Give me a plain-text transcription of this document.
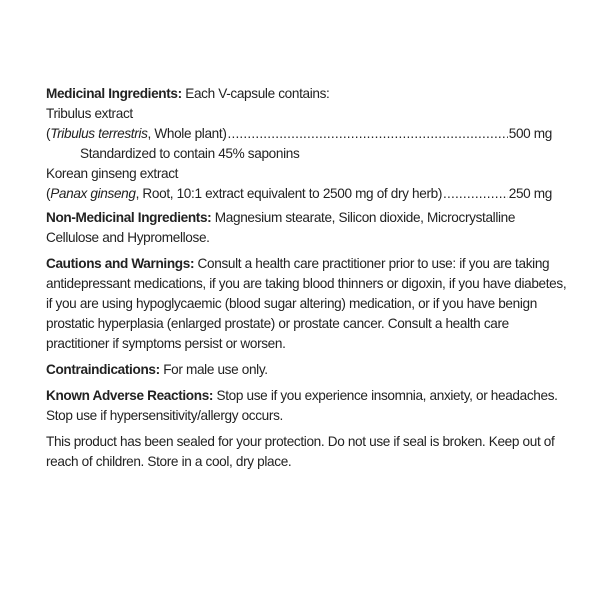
Medicinal Ingredients: Each V-capsule contains:
Tribulus extract
(Tribulus terrestris, Whole plant) .....	500 mg
Standardized to contain 45% saponins
Korean ginseng extract
(Panax ginseng, Root, 10:1 extract equivalent to 2500 mg of dry herb) .....	250 mg
Non-Medicinal Ingredients: Magnesium stearate, Silicon dioxide, Microcrystalline
Cellulose and Hypromellose.
Cautions and Warnings: Consult a health care practitioner prior to use: if you are taking
antidepressant medications, if you are taking blood thinners or digoxin, if you have diabetes,
if you are using hypoglycaemic (blood sugar altering) medication, or if you have benign
prostatic hyperplasia (enlarged prostate) or prostate cancer. Consult a health care
practitioner if symptoms persist or worsen.
Contraindications: For male use only.
Known Adverse Reactions: Stop use if you experience insomnia, anxiety, or headaches.
Stop use if hypersensitivity/allergy occurs.
This product has been sealed for your protection. Do not use if seal is broken. Keep out of
reach of children. Store in a cool, dry place.
